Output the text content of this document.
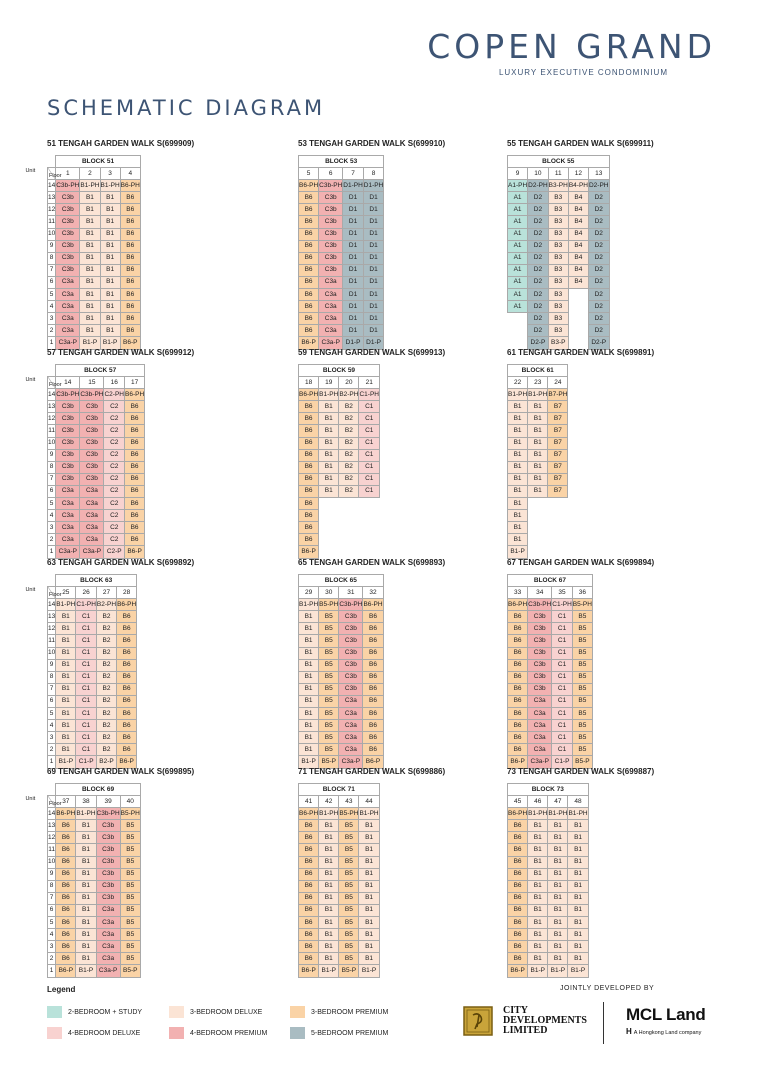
COPEN GRAND
LUXURY EXECUTIVE CONDOMINIUM
SCHEMATIC DIAGRAM
51 TENGAH GARDEN WALK S(699909)
	BLOCK 51			

Unit
Floor	1	2	3	4
14	C3b-PH	B1-PH	B1-PH	B6-PH
13	C3b	B1	B1	B6
12	C3b	B1	B1	B6
11	C3b	B1	B1	B6
10	C3b	B1	B1	B6
9	C3b	B1	B1	B6
8	C3b	B1	B1	B6
7	C3b	B1	B1	B6
6	C3a	B1	B1	B6
5	C3a	B1	B1	B6
4	C3a	B1	B1	B6
3	C3a	B1	B1	B6
2	C3a	B1	B1	B6
1	C3a-P	B1-P	B1-P	B6-P
53 TENGAH GARDEN WALK S(699910)
BLOCK 53			
5	6	7	8
B6-PH	C3b-PH	D1-PH	D1-PH
B6	C3b	D1	D1
B6	C3b	D1	D1
B6	C3b	D1	D1
B6	C3b	D1	D1
B6	C3b	D1	D1
B6	C3b	D1	D1
B6	C3b	D1	D1
B6	C3a	D1	D1
B6	C3a	D1	D1
B6	C3a	D1	D1
B6	C3a	D1	D1
B6	C3a	D1	D1
B6-P	C3a-P	D1-P	D1-P
55 TENGAH GARDEN WALK S(699911)
BLOCK 55				
9	10	11	12	13
A1-PH	D2-PH	B3-PH	B4-PH	D2-PH
A1	D2	B3	B4	D2
A1	D2	B3	B4	D2
A1	D2	B3	B4	D2
A1	D2	B3	B4	D2
A1	D2	B3	B4	D2
A1	D2	B3	B4	D2
A1	D2	B3	B4	D2
A1	D2	B3	B4	D2
A1	D2	B3		D2
A1	D2	B3		D2
	D2	B3		D2
	D2	B3		D2
	D2-P	B3-P		D2-P
57 TENGAH GARDEN WALK S(699912)
	BLOCK 57			

Unit
Floor	14	15	16	17
14	C3b-PH	C3b-PH	C2-PH	B6-PH
13	C3b	C3b	C2	B6
12	C3b	C3b	C2	B6
11	C3b	C3b	C2	B6
10	C3b	C3b	C2	B6
9	C3b	C3b	C2	B6
8	C3b	C3b	C2	B6
7	C3b	C3b	C2	B6
6	C3a	C3a	C2	B6
5	C3a	C3a	C2	B6
4	C3a	C3a	C2	B6
3	C3a	C3a	C2	B6
2	C3a	C3a	C2	B6
1	C3a-P	C3a-P	C2-P	B6-P
59 TENGAH GARDEN WALK S(699913)
BLOCK 59			
18	19	20	21
B6-PH	B1-PH	B2-PH	C1-PH
B6	B1	B2	C1
B6	B1	B2	C1
B6	B1	B2	C1
B6	B1	B2	C1
B6	B1	B2	C1
B6	B1	B2	C1
B6	B1	B2	C1
B6	B1	B2	C1
B6			
B6			
B6			
B6			
B6-P			
61 TENGAH GARDEN WALK S(699891)
BLOCK 61		
22	23	24
B1-PH	B1-PH	B7-PH
B1	B1	B7
B1	B1	B7
B1	B1	B7
B1	B1	B7
B1	B1	B7
B1	B1	B7
B1	B1	B7
B1	B1	B7
B1		
B1		
B1		
B1		
B1-P		
63 TENGAH GARDEN WALK S(699892)
	BLOCK 63			

Unit
Floor	25	26	27	28
14	B1-PH	C1-PH	B2-PH	B6-PH
13	B1	C1	B2	B6
12	B1	C1	B2	B6
11	B1	C1	B2	B6
10	B1	C1	B2	B6
9	B1	C1	B2	B6
8	B1	C1	B2	B6
7	B1	C1	B2	B6
6	B1	C1	B2	B6
5	B1	C1	B2	B6
4	B1	C1	B2	B6
3	B1	C1	B2	B6
2	B1	C1	B2	B6
1	B1-P	C1-P	B2-P	B6-P
65 TENGAH GARDEN WALK S(699893)
BLOCK 65			
29	30	31	32
B1-PH	B5-PH	C3b-PH	B6-PH
B1	B5	C3b	B6
B1	B5	C3b	B6
B1	B5	C3b	B6
B1	B5	C3b	B6
B1	B5	C3b	B6
B1	B5	C3b	B6
B1	B5	C3b	B6
B1	B5	C3a	B6
B1	B5	C3a	B6
B1	B5	C3a	B6
B1	B5	C3a	B6
B1	B5	C3a	B6
B1-P	B5-P	C3a-P	B6-P
67 TENGAH GARDEN WALK S(699894)
BLOCK 67			
33	34	35	36
B6-PH	C3b-PH	C1-PH	B5-PH
B6	C3b	C1	B5
B6	C3b	C1	B5
B6	C3b	C1	B5
B6	C3b	C1	B5
B6	C3b	C1	B5
B6	C3b	C1	B5
B6	C3b	C1	B5
B6	C3a	C1	B5
B6	C3a	C1	B5
B6	C3a	C1	B5
B6	C3a	C1	B5
B6	C3a	C1	B5
B6-P	C3a-P	C1-P	B5-P
69 TENGAH GARDEN WALK S(699895)
	BLOCK 69			

Unit
Floor	37	38	39	40
14	B6-PH	B1-PH	C3b-PH	B5-PH
13	B6	B1	C3b	B5
12	B6	B1	C3b	B5
11	B6	B1	C3b	B5
10	B6	B1	C3b	B5
9	B6	B1	C3b	B5
8	B6	B1	C3b	B5
7	B6	B1	C3b	B5
6	B6	B1	C3a	B5
5	B6	B1	C3a	B5
4	B6	B1	C3a	B5
3	B6	B1	C3a	B5
2	B6	B1	C3a	B5
1	B6-P	B1-P	C3a-P	B5-P
71 TENGAH GARDEN WALK S(699886)
BLOCK 71			
41	42	43	44
B6-PH	B1-PH	B5-PH	B1-PH
B6	B1	B5	B1
B6	B1	B5	B1
B6	B1	B5	B1
B6	B1	B5	B1
B6	B1	B5	B1
B6	B1	B5	B1
B6	B1	B5	B1
B6	B1	B5	B1
B6	B1	B5	B1
B6	B1	B5	B1
B6	B1	B5	B1
B6	B1	B5	B1
B6-P	B1-P	B5-P	B1-P
73 TENGAH GARDEN WALK S(699887)
BLOCK 73			
45	46	47	48
B6-PH	B1-PH	B1-PH	B1-PH
B6	B1	B1	B1
B6	B1	B1	B1
B6	B1	B1	B1
B6	B1	B1	B1
B6	B1	B1	B1
B6	B1	B1	B1
B6	B1	B1	B1
B6	B1	B1	B1
B6	B1	B1	B1
B6	B1	B1	B1
B6	B1	B1	B1
B6	B1	B1	B1
B6-P	B1-P	B1-P	B1-P
Legend
2-BEDROOM + STUDY	3-BEDROOM DELUXE	3-BEDROOM PREMIUM
4-BEDROOM DELUXE	4-BEDROOM PREMIUM	5-BEDROOM PREMIUM
JOINTLY DEVELOPED BY
CITY
DEVELOPMENTS
LIMITED
MCL Land
H A Hongkong Land company
